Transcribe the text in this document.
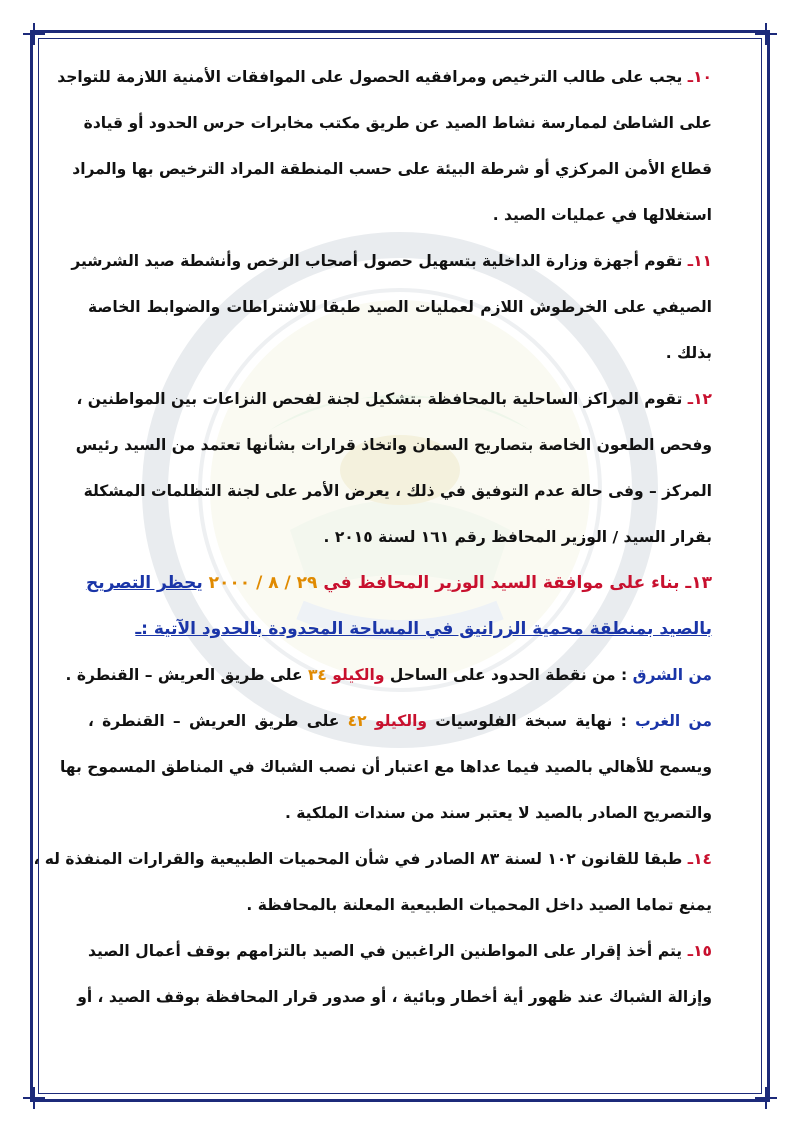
١٠ـ يجب على طالب الترخيص ومرافقيه الحصول على الموافقات الأمنية اللازمة للتواجد
على الشاطئ لممارسة نشاط الصيد عن طريق مكتب مخابرات حرس الحدود أو قيادة
قطاع الأمن المركزي أو شرطة البيئة على حسب المنطقة المراد الترخيص بها والمراد
استغلالها في عمليات الصيد .
١١ـ تقوم أجهزة وزارة الداخلية بتسهيل حصول أصحاب الرخص وأنشطة صيد الشرشير
الصيفي على الخرطوش اللازم لعمليات الصيد طبقا للاشتراطات والضوابط الخاصة
بذلك .
١٢ـ تقوم المراكز الساحلية بالمحافظة بتشكيل لجنة لفحص النزاعات بين المواطنين ،
وفحص الطعون الخاصة بتصاريح السمان واتخاذ قرارات بشأنها تعتمد من السيد رئيس
المركز – وفى حالة عدم التوفيق في ذلك ، يعرض الأمر على لجنة التظلمات المشكلة
بقرار السيد / الوزير المحافظ رقم ١٦١ لسنة ٢٠١٥ .
١٣ـ بناء على موافقة السيد الوزير المحافظ في ٢٩ / ٨ / ٢٠٠٠ يحظر التصريح
بالصيد بمنطقة محمية الزرانيق في المساحة المحدودة بالحدود الآتية :ـ
من الشرق : من نقطة الحدود على الساحل والكيلو ٣٤ على طريق العريش – القنطرة .
من الغرب : نهاية سبخة الفلوسيات والكيلو ٤٢ على طريق العريش – القنطرة ،
ويسمح للأهالي بالصيد فيما عداها مع اعتبار أن نصب الشباك في المناطق المسموح بها
والتصريح الصادر بالصيد لا يعتبر سند من سندات الملكية .
١٤ـ طبقا للقانون ١٠٢ لسنة ٨٣ الصادر في شأن المحميات الطبيعية والقرارات المنفذة له ،
يمنع تماما الصيد داخل المحميات الطبيعية المعلنة بالمحافظة .
١٥ـ يتم أخذ إقرار على المواطنين الراغبين في الصيد بالتزامهم بوقف أعمال الصيد
وإزالة الشباك عند ظهور أية أخطار وبائية ، أو صدور قرار المحافظة بوقف الصيد ، أو
